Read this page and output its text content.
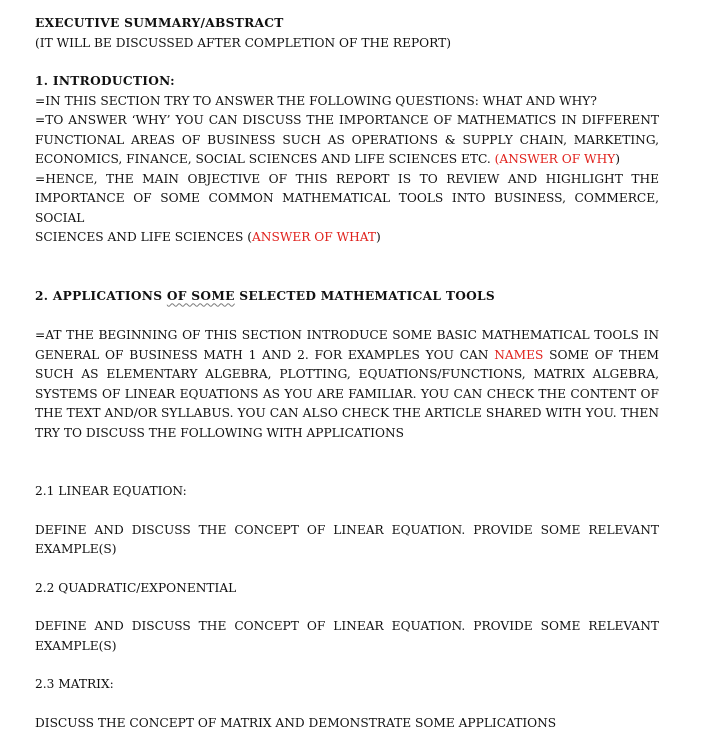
EXECUTIVE SUMMARY/ABSTRACT
(IT WILL BE DISCUSSED AFTER COMPLETION OF THE REPORT)
1. INTRODUCTION:
=IN THIS SECTION TRY TO ANSWER THE FOLLOWING QUESTIONS: WHAT AND WHY?
=TO ANSWER ‘WHY’ YOU CAN DISCUSS THE IMPORTANCE OF MATHEMATICS IN DIFFERENT
FUNCTIONAL AREAS OF BUSINESS SUCH AS OPERATIONS & SUPPLY CHAIN, MARKETING,
ECONOMICS, FINANCE, SOCIAL SCIENCES AND LIFE SCIENCES ETC. (ANSWER OF WHY)
=HENCE, THE MAIN OBJECTIVE OF THIS REPORT IS TO REVIEW AND HIGHLIGHT THE
IMPORTANCE OF SOME COMMON MATHEMATICAL TOOLS INTO BUSINESS, COMMERCE, SOCIAL
SCIENCES AND LIFE SCIENCES (ANSWER OF WHAT)
2. APPLICATIONS OF SOME SELECTED MATHEMATICAL TOOLS
=AT THE BEGINNING OF THIS SECTION INTRODUCE SOME BASIC MATHEMATICAL TOOLS IN
GENERAL OF BUSINESS MATH 1 AND 2. FOR EXAMPLES YOU CAN NAMES SOME OF THEM
SUCH AS ELEMENTARY ALGEBRA, PLOTTING, EQUATIONS/FUNCTIONS, MATRIX ALGEBRA,
SYSTEMS OF LINEAR EQUATIONS AS YOU ARE FAMILIAR. YOU CAN CHECK THE CONTENT OF
THE TEXT AND/OR SYLLABUS. YOU CAN ALSO CHECK THE ARTICLE SHARED WITH YOU. THEN
TRY TO DISCUSS THE FOLLOWING WITH APPLICATIONS
2.1 LINEAR EQUATION:
DEFINE AND DISCUSS THE CONCEPT OF LINEAR EQUATION. PROVIDE SOME RELEVANT
EXAMPLE(S)
2.2 QUADRATIC/EXPONENTIAL
DEFINE AND DISCUSS THE CONCEPT OF LINEAR EQUATION. PROVIDE SOME RELEVANT
EXAMPLE(S)
2.3 MATRIX:
DISCUSS THE CONCEPT OF MATRIX AND DEMONSTRATE SOME APPLICATIONS
